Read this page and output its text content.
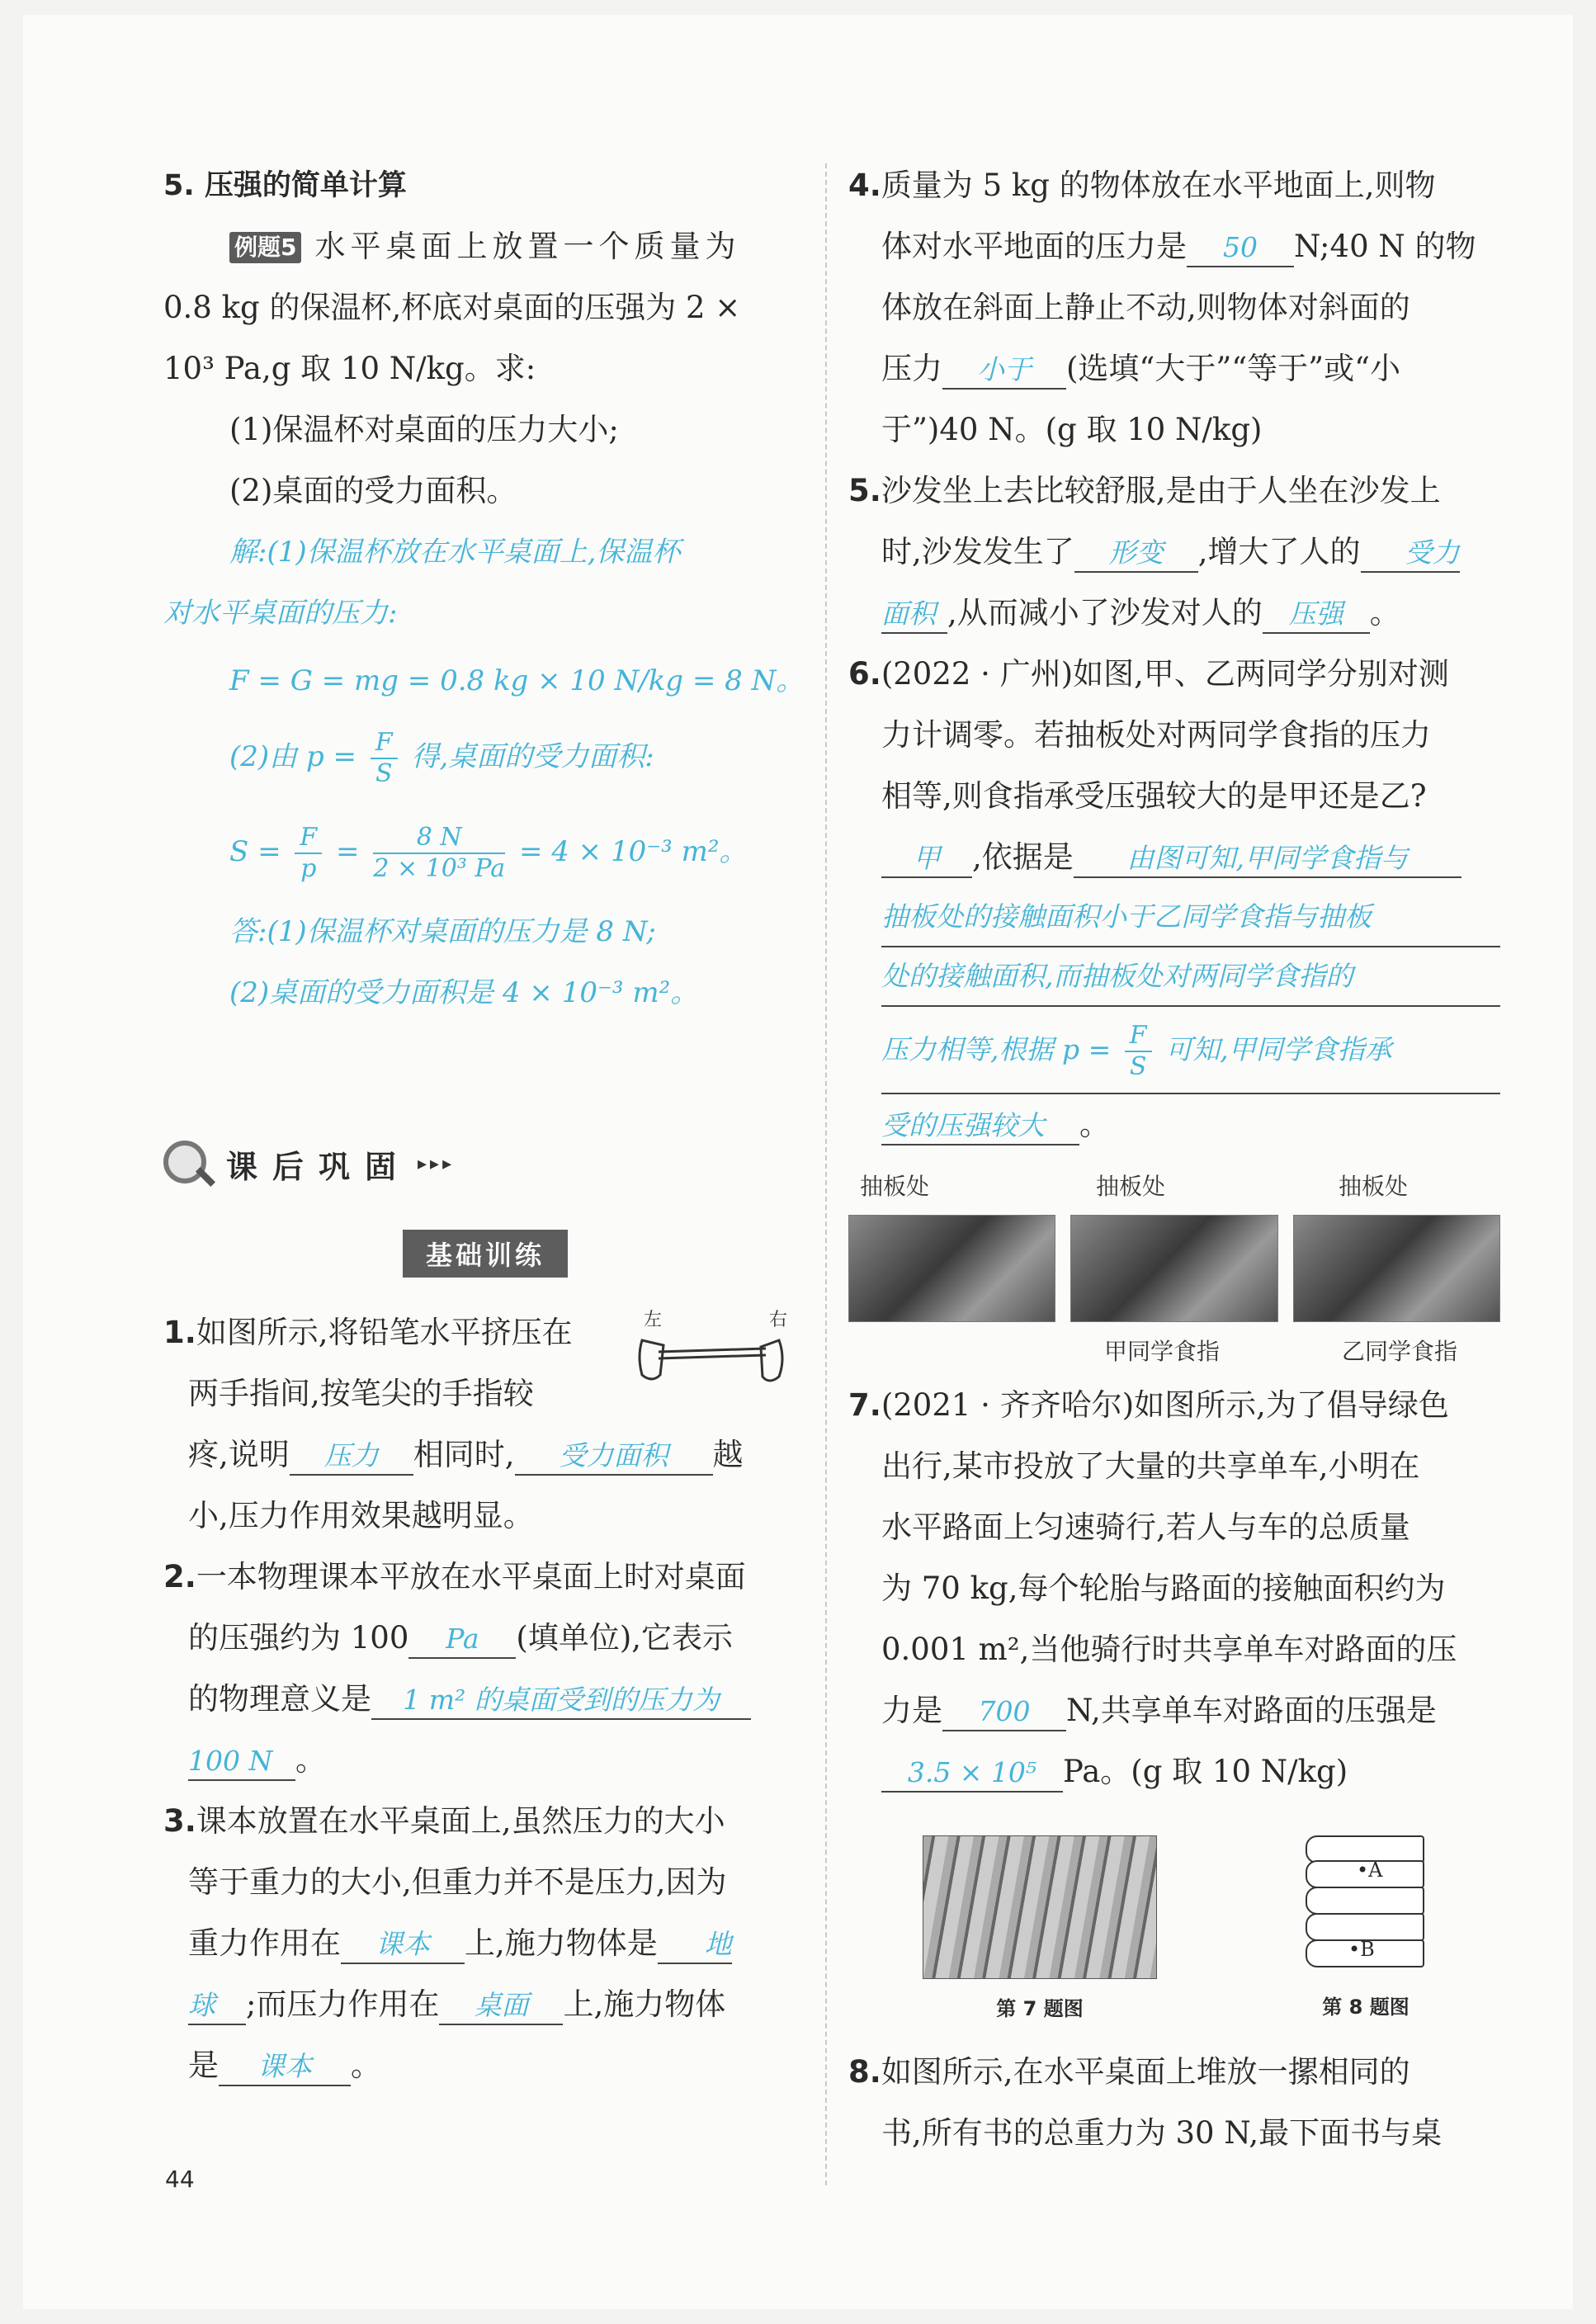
5. 压强的简单计算

例题5 水平桌面上放置一个质量为

0.8 kg 的保温杯,杯底对桌面的压强为 2 ×

10³ Pa,g 取 10 N/kg。求:

(1)保温杯对桌面的压力大小;

(2)桌面的受力面积。

解:(1)保温杯放在水平桌面上,保温杯

对水平桌面的压力:

F = G = mg = 0.8 kg × 10 N/kg = 8 N。

(2)由 $p = \frac{F}{S}$ 得,桌面的受力面积:

$S = \frac{F}{p} = \frac{8 N}{\text{2 × 10³ Pa}} = 4 \times 10^{-3}$ m²。

答:(1)保温杯对桌面的压力是 8 N;

(2)桌面的受力面积是 4 × 10⁻³ m²。

课后巩固 ▸▸▸
基础训练
左	右

1.如图所示,将铅笔水平挤压在

两手指间,按笔尖的手指较

疼,说明 压力 相同时, 受力面积 越

小,压力作用效果越明显。

2.一本物理课本平放在水平桌面上时对桌面

的压强约为 100 Pa (填单位),它表示

的物理意义是 1 m² 的桌面受到的压力为

100 N 。

3.课本放置在水平桌面上,虽然压力的大小

等于重力的大小,但重力并不是压力,因为

重力作用在 课本 上,施力物体是 地

球 ;而压力作用在 桌面 上,施力物体

是 课本 。

4.质量为 5 kg 的物体放在水平地面上,则物

体对水平地面的压力是 50 N;40 N 的物

体放在斜面上静止不动,则物体对斜面的

压力 小于 (选填“大于”“等于”或“小

于”)40 N。(g 取 10 N/kg)

5.沙发坐上去比较舒服,是由于人坐在沙发上

时,沙发发生了 形变 ,增大了人的 受力

面积 ,从而减小了沙发对人的 压强 。

6.(2022 · 广州)如图,甲、乙两同学分别对测

力计调零。若抽板处对两同学食指的压力

相等,则食指承受压强较大的是甲还是乙?

甲 ,依据是 由图可知,甲同学食指与

抽板处的接触面积小于乙同学食指与抽板

处的接触面积,而抽板处对两同学食指的

压力相等,根据 $p = \frac{F}{S}$ 可知,甲同学食指承

受的压强较大 。

抽板处	抽板处	抽板处
甲同学食指	乙同学食指

7.(2021 · 齐齐哈尔)如图所示,为了倡导绿色

出行,某市投放了大量的共享单车,小明在

水平路面上匀速骑行,若人与车的总质量

为 70 kg,每个轮胎与路面的接触面积约为

0.001 m²,当他骑行时共享单车对路面的压

力是 700 N,共享单车对路面的压强是

3.5 × 10⁵ Pa。(g 取 10 N/kg)

第 7 题图
•A
•B
第 8 题图

8.如图所示,在水平桌面上堆放一摞相同的

书,所有书的总重力为 30 N,最下面书与桌

44
